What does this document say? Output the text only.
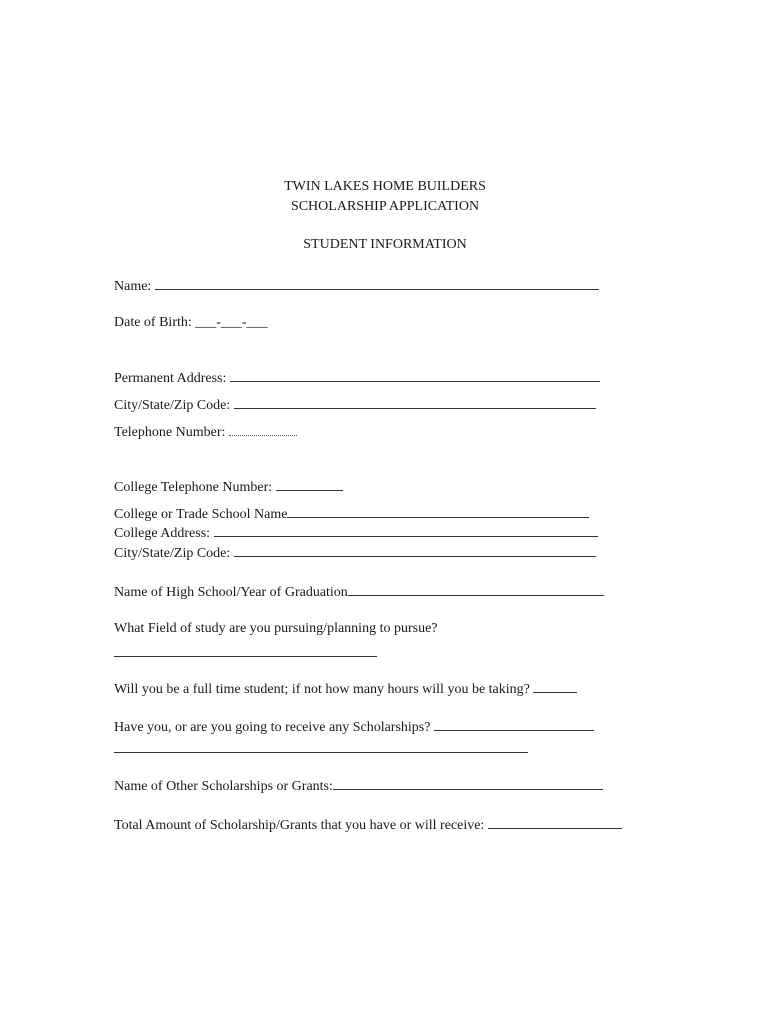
TWIN LAKES HOME BUILDERS
SCHOLARSHIP APPLICATION
STUDENT INFORMATION
Name:
Date of Birth: ___-___-___
Permanent Address:
City/State/Zip Code:
Telephone Number:
College Telephone Number:
College or Trade School Name
College Address:
City/State/Zip Code:
Name of High School/Year of Graduation
What Field of study are you pursuing/planning to pursue?
Will you be a full time student; if not how many hours will you be taking?
Have you, or are you going to receive any Scholarships?
Name of Other Scholarships or Grants:
Total Amount of Scholarship/Grants that you have or will receive:
